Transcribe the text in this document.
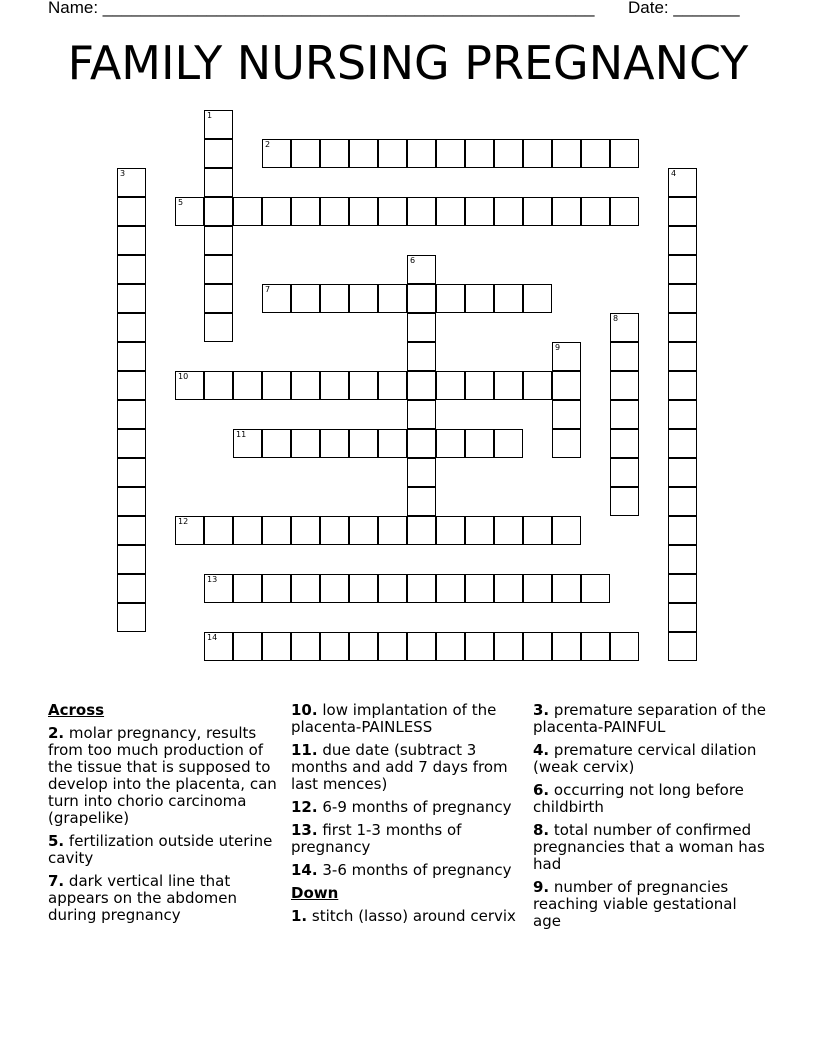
Name: ____________________________________________________ Date: _______
FAMILY NURSING PREGNANCY
1
2
3	4
5
6
7
8
9
10
11
12
13
14
Across
2. molar pregnancy, results from too much production of the tissue that is supposed to develop into the placenta, can turn into chorio carcinoma (grapelike)
5. fertilization outside uterine cavity
7. dark vertical line that appears on the abdomen during pregnancy
10. low implantation of the placenta-PAINLESS
11. due date (subtract 3 months and add 7 days from last mences)
12. 6-9 months of pregnancy
13. first 1-3 months of pregnancy
14. 3-6 months of pregnancy
Down
1. stitch (lasso) around cervix
3. premature separation of the placenta-PAINFUL
4. premature cervical dilation (weak cervix)
6. occurring not long before childbirth
8. total number of confirmed pregnancies that a woman has had
9. number of pregnancies reaching viable gestational age
